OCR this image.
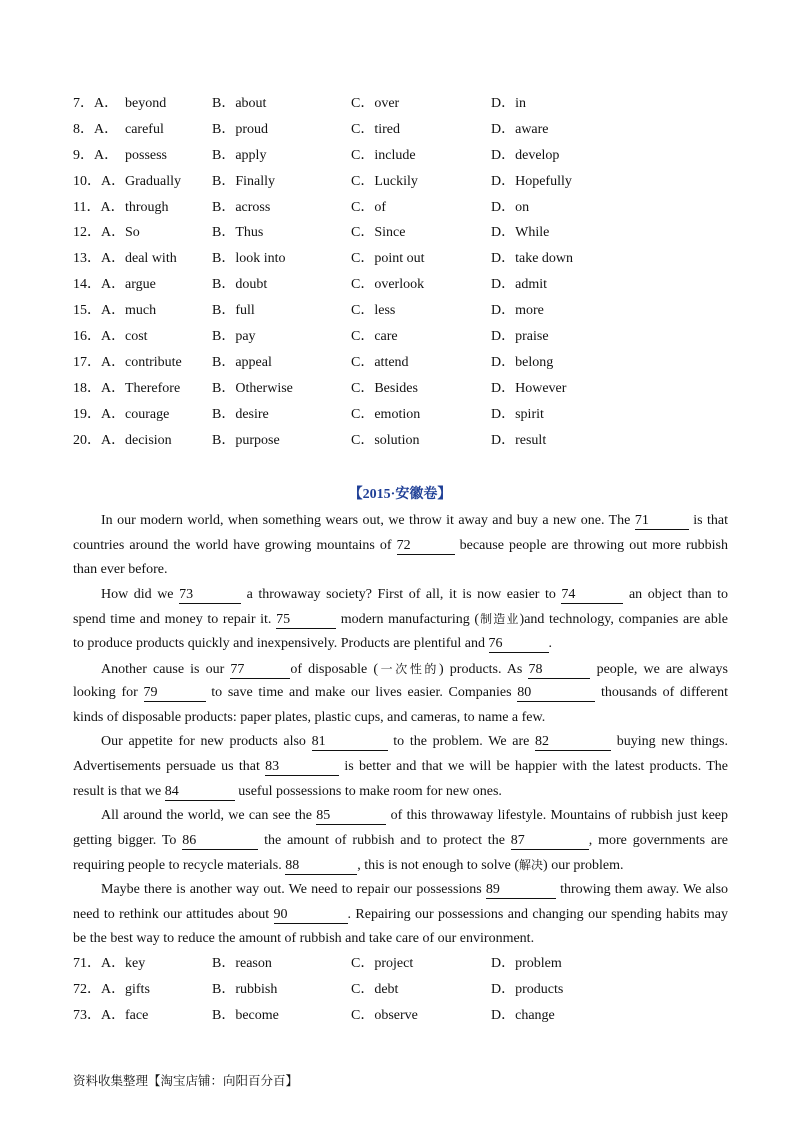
7．A． beyond	B．about	C．over	D．in
8．A． careful	B．proud	C．tired	D．aware
9．A． possess	B．apply	C．include	D．develop
10．A． Gradually B．Finally	C．Luckily	D．Hopefully
11．A． through	B．across	C．of	D．on
12．A． So	B．Thus	C．Since	D．While
13．A． deal with	B．look into	C．point out	D．take down
14．A． argue	B．doubt	C．overlook	D．admit
15．A． much	B．full	C．less	D．more
16．A． cost	B．pay	C．care	D．praise
17．A． contribute B．appeal	C．attend	D．belong
18．A． Therefore B．Otherwise	C．Besides	D．However
19．A． courage	B．desire	C．emotion	D．spirit
20．A． decision	B．purpose	C．solution	D．result
【2015·安徽卷】
In our modern world, when something wears out, we throw it away and buy a new one. The 71	is that
countries around the world have growing mountains of 72	because people are throwing out more rubbish
than ever before.
How did we 73	a throwaway society? First of all, it is now easier to 74	an object than to
spend time and money to repair it. 75	modern manufacturing (制造业)and technology, companies are able
to produce products quickly and inexpensively. Products are plentiful and 76	.
Another cause is our 77	of disposable (一次性的) products. As 78	people, we are always
looking for 79	to save time and make our lives easier. Companies 80	thousands of different
kinds of disposable products: paper plates, plastic cups, and cameras, to name a few.
Our appetite for new products also 81	to the problem. We are 82	buying new things.
Advertisements persuade us that 83	is better and that we will be happier with the latest products. The
result is that we 84	useful possessions to make room for new ones.
All around the world, we can see the 85	of this throwaway lifestyle. Mountains of rubbish just keep
getting bigger. To 86	the amount of rubbish and to protect the 87	, more governments are
requiring people to recycle materials. 88	, this is not enough to solve (解决) our problem.
Maybe there is another way out. We need to repair our possessions 89	throwing them away. We also
need to rethink our attitudes about 90	. Repairing our possessions and changing our spending habits may
be the best way to reduce the amount of rubbish and take care of our environment.
71．A． key	B．reason	C．project	D．problem
72．A． gifts	B．rubbish	C．debt	D．products
73．A． face	B．become	C．observe	D．change
资料收集整理【淘宝店铺：向阳百分百】
